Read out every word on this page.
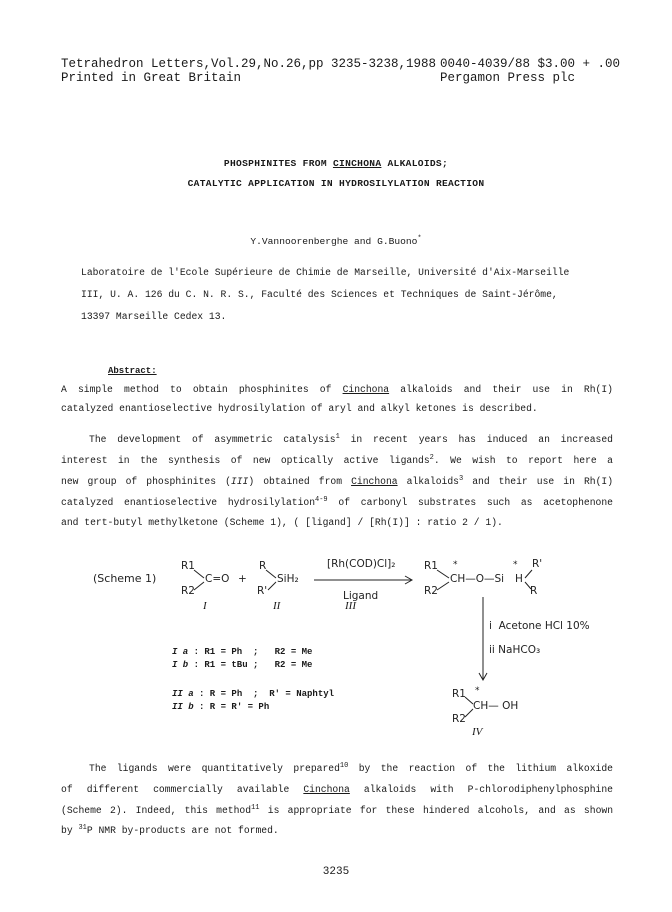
Tetrahedron Letters,Vol.29,No.26,pp 3235-3238,1988
Printed in Great Britain
0040-4039/88 $3.00 + .00
Pergamon Press plc
PHOSPHINITES FROM CINCHONA ALKALOIDS;
CATALYTIC APPLICATION IN HYDROSILYLATION REACTION
Y.Vannoorenberghe and G.Buono*
Laboratoire de l'Ecole Supérieure de Chimie de Marseille, Université d'Aix-Marseille
III, U. A. 126 du C. N. R. S., Faculté des Sciences et Techniques de Saint-Jérôme,
13397 Marseille Cedex 13.
Abstract:
A simple method to obtain phosphinites of Cinchona alkaloids and their use in Rh(I)
catalyzed enantioselective hydrosilylation of aryl and alkyl ketones is described.
The development of asymmetric catalysis$^1$ in recent years has induced an increased
interest in the synthesis of new optically active ligands$^2$. We wish to report here a
new group of phosphinites (III) obtained from Cinchona alkaloids$^3$ and their use in Rh(I)
catalyzed enantioselective hydrosilylation$^{4-9}$ of carbonyl substrates such as acetophenone
and tert-butyl methylketone (Scheme 1), ( [ligand] / [Rh(I)] : ratio 2 / 1).
(Scheme 1)
R1
R2
C=O +
R
R'
SiH₂
[Rh(COD)Cl]₂
Ligand
R1
R2
CH—O—Si H
*	* R'
R
I	II	III
i  Acetone HCl 10%
ii NaHCO₃
R1
R2
CH— OH
*
IV
I a : R1 = Ph  ;   R2 = Me
I b : R1 = tBu ;   R2 = Me
II a : R = Ph  ;  R' = Naphtyl
II b : R = R' = Ph
The ligands were quantitatively prepared$^{10}$ by the reaction of the lithium alkoxide
of different commercially available Cinchona alkaloids with P-chlorodiphenylphosphine
(Scheme 2). Indeed, this method$^{11}$ is appropriate for these hindered alcohols, and as shown
by $^{31}$P NMR by-products are not formed.
3235
